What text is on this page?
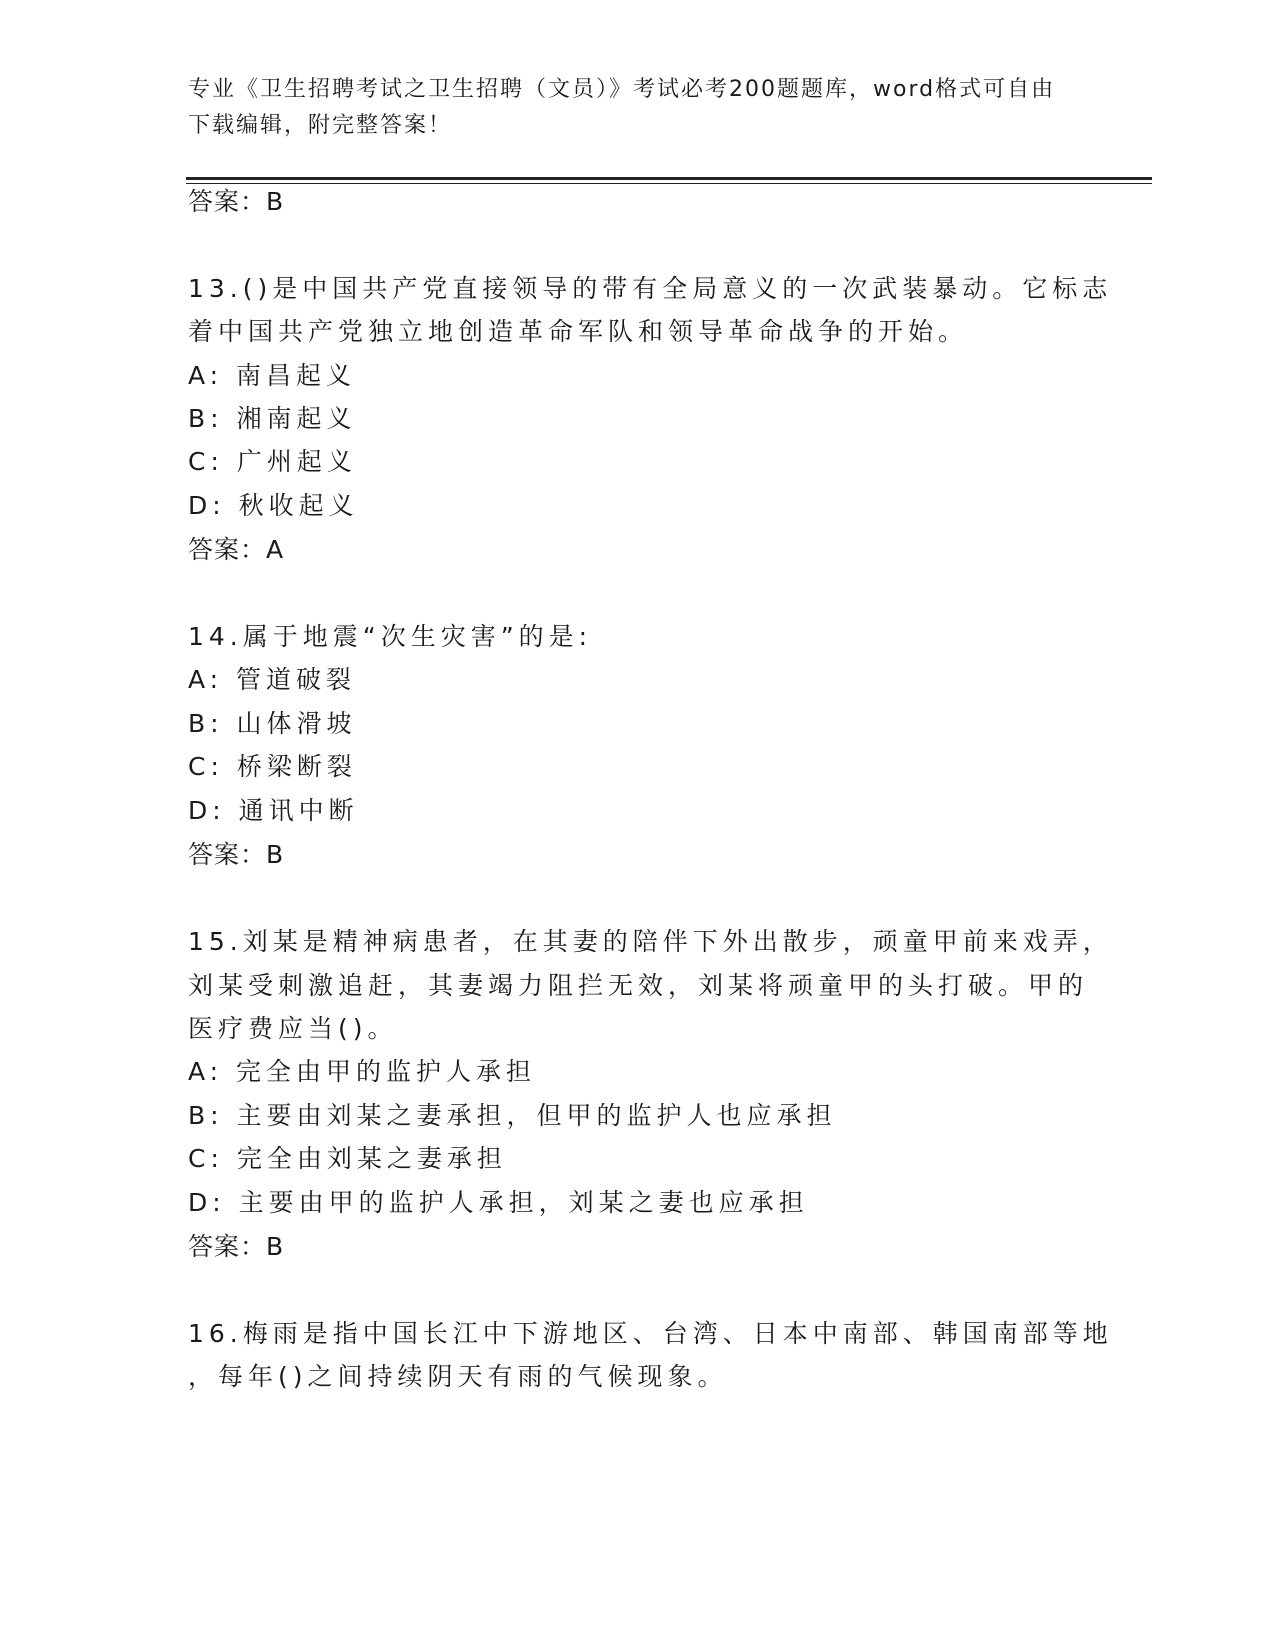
专业《卫生招聘考试之卫生招聘（文员）》考试必考200题题库，word格式可自由下载编辑，附完整答案！
答案：B
13.()是中国共产党直接领导的带有全局意义的一次武装暴动。它标志
着中国共产党独立地创造革命军队和领导革命战争的开始。
A: 南昌起义
B: 湘南起义
C: 广州起义
D: 秋收起义
答案：A
14.属于地震“次生灾害”的是:
A: 管道破裂
B: 山体滑坡
C: 桥梁断裂
D: 通讯中断
答案：B
15.刘某是精神病患者，在其妻的陪伴下外出散步，顽童甲前来戏弄，
刘某受刺激追赶，其妻竭力阻拦无效，刘某将顽童甲的头打破。甲的
医疗费应当()。
A: 完全由甲的监护人承担
B: 主要由刘某之妻承担，但甲的监护人也应承担
C: 完全由刘某之妻承担
D: 主要由甲的监护人承担，刘某之妻也应承担
答案：B
16.梅雨是指中国长江中下游地区、台湾、日本中南部、韩国南部等地
，每年()之间持续阴天有雨的气候现象。
